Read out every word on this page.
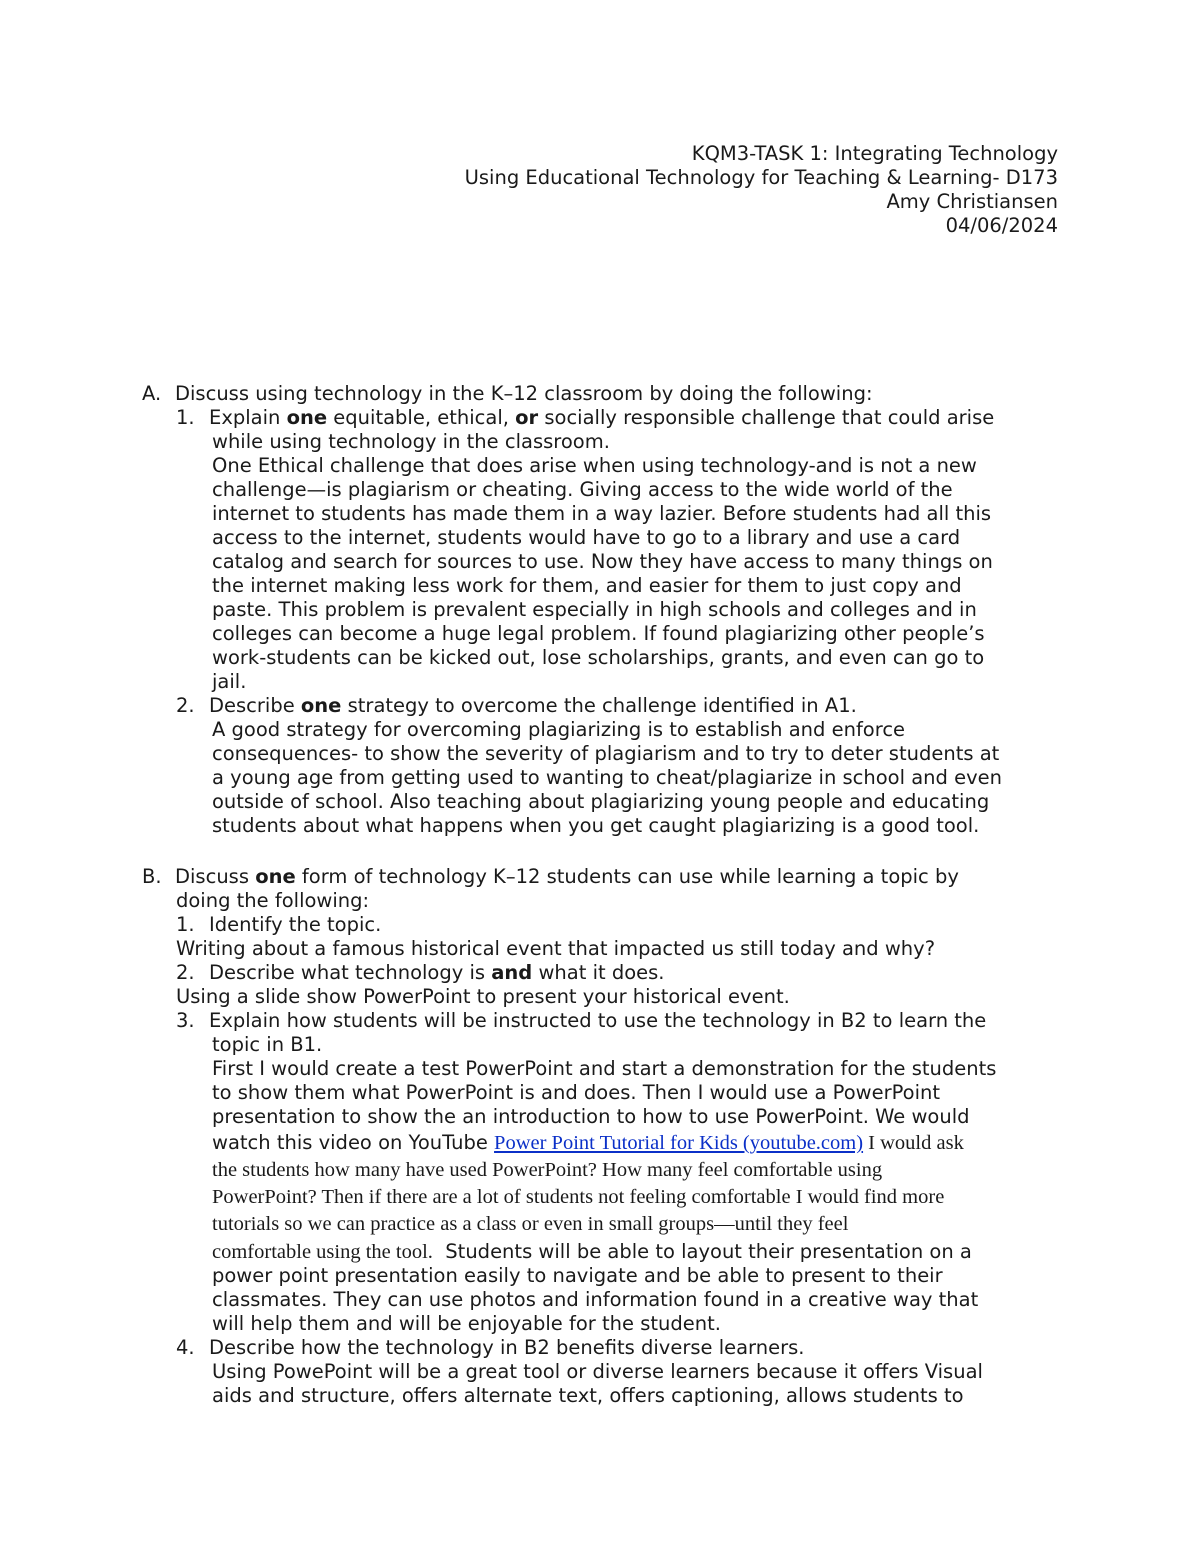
KQM3-TASK 1: Integrating Technology
Using Educational Technology for Teaching & Learning- D173
Amy Christiansen
04/06/2024
A. Discuss using technology in the K–12 classroom by doing the following:
1. Explain one equitable, ethical, or socially responsible challenge that could arise
while using technology in the classroom.
One Ethical challenge that does arise when using technology-and is not a new
challenge—is plagiarism or cheating. Giving access to the wide world of the
internet to students has made them in a way lazier. Before students had all this
access to the internet, students would have to go to a library and use a card
catalog and search for sources to use. Now they have access to many things on
the internet making less work for them, and easier for them to just copy and
paste. This problem is prevalent especially in high schools and colleges and in
colleges can become a huge legal problem. If found plagiarizing other people’s
work-students can be kicked out, lose scholarships, grants, and even can go to
jail.
2. Describe one strategy to overcome the challenge identified in A1.
A good strategy for overcoming plagiarizing is to establish and enforce
consequences- to show the severity of plagiarism and to try to deter students at
a young age from getting used to wanting to cheat/plagiarize in school and even
outside of school. Also teaching about plagiarizing young people and educating
students about what happens when you get caught plagiarizing is a good tool.
B. Discuss one form of technology K–12 students can use while learning a topic by
doing the following:
1. Identify the topic.
Writing about a famous historical event that impacted us still today and why?
2. Describe what technology is and what it does.
Using a slide show PowerPoint to present your historical event.
3. Explain how students will be instructed to use the technology in B2 to learn the
topic in B1.
First I would create a test PowerPoint and start a demonstration for the students
to show them what PowerPoint is and does. Then I would use a PowerPoint
presentation to show the an introduction to how to use PowerPoint. We would
watch this video on YouTube Power Point Tutorial for Kids (youtube.com) I would ask
the students how many have used PowerPoint? How many feel comfortable using
PowerPoint? Then if there are a lot of students not feeling comfortable I would find more
tutorials so we can practice as a class or even in small groups—until they feel
comfortable using the tool.  Students will be able to layout their presentation on a
power point presentation easily to navigate and be able to present to their
classmates. They can use photos and information found in a creative way that
will help them and will be enjoyable for the student.
4. Describe how the technology in B2 benefits diverse learners.
Using PowePoint will be a great tool or diverse learners because it offers Visual
aids and structure, offers alternate text, offers captioning, allows students to
